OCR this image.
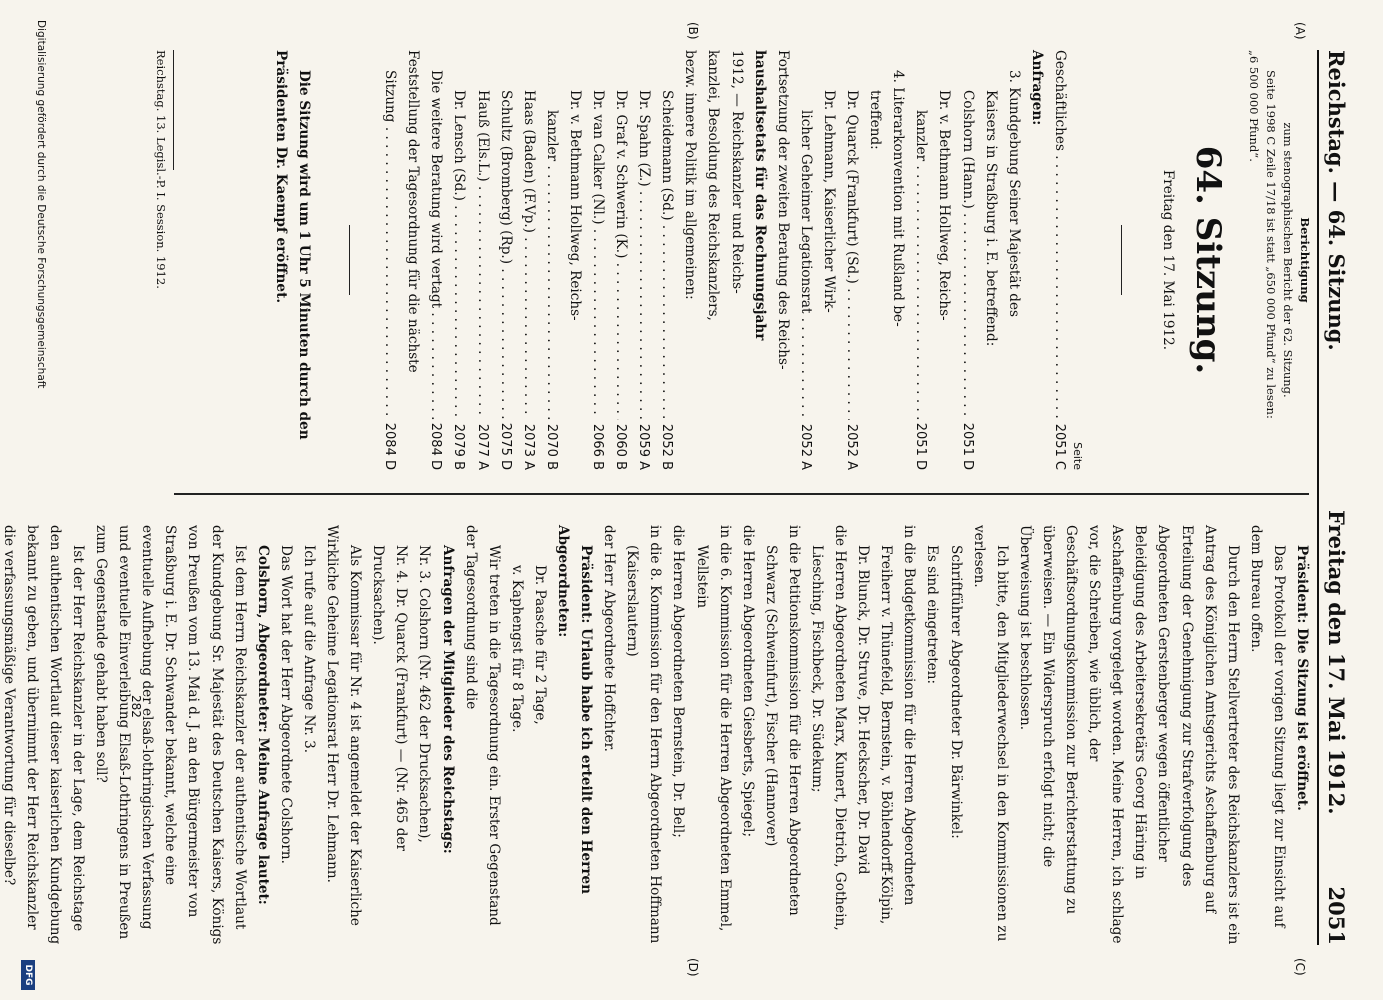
Reichstag. — 64. Sitzung.
Freitag den 17. Mai 1912.
2051
(A)
(B)
(C)
(D)

Berichtigung

zum stenographischen Bericht der 62. Sitzung.

Seite 1998 C Zeile 17/18 ist statt „650 000 Pfund“ zu lesen:

„6 500 000 Pfund“.

64. Sitzung.

Freitag den 17. Mai 1912.

Seite

Geschäftliches . . .
2051 C

Anfragen:

3. Kundgebung Seiner Majestät des

Kaisers in Straßburg i. E. betreffend:

Colshorn (Hann.) . . .
2051 D

Dr. v. Bethmann Hollweg, Reichs-

kanzler . . .
2051 D

4. Literarkonvention mit Rußland be-

treffend:

Dr. Quarck (Frankfurt) (Sd.) . . .
2052 A

Dr. Lehmann, Kaiserlicher Wirk-

licher Geheimer Legationsrat . . .
2052 A

Fortsetzung der zweiten Beratung des Reichs-

haushaltsetats für das Rechnungsjahr

1912, — Reichskanzler und Reichs-

kanzlei, Besoldung des Reichskanzlers,

bezw. innere Politik im allgemeinen:

Scheidemann (Sd.) . . .
2052 B
Dr. Spahn (Z.) . . .
2059 A
Dr. Graf v. Schwerin (K.) . . .
2060 B
Dr. van Calker (Nl.) . . .
2066 B

Dr. v. Bethmann Hollweg, Reichs-

kanzler . . .
2070 B
Haas (Baden) (F.Vp.) . . .
2073 A
Schultz (Bromberg) (Rp.) . . .
2075 D
Hauß (Els.L.) . . .
2077 A
Dr. Lensch (Sd.) . . .
2079 B
Die weitere Beratung wird vertagt . . .
2084 D

Feststellung der Tagesordnung für die nächste

Sitzung . . .
2084 D

Die Sitzung wird um 1 Uhr 5 Minuten durch den

Präsidenten Dr. Kaempf eröffnet.

Reichstag. 13. Legisl.-P. I. Session. 1912.

Präsident: Die Sitzung ist eröffnet.

Das Protokoll der vorigen Sitzung liegt zur Einsicht auf dem Bureau offen.

Durch den Herrn Stellvertreter des Reichskanzlers ist ein Antrag des Königlichen Amtsgerichts Aschaffenburg auf Erteilung der Genehmigung zur Strafverfolgung des Abgeordneten Gerstenberger wegen öffentlicher Beleidigung des Arbeitersekretärs Georg Häring in Aschaffenburg vorgelegt worden. Meine Herren, ich schlage vor, die Schreiben, wie üblich, der Geschäftsordnungskommission zur Berichterstattung zu überweisen. — Ein Widerspruch erfolgt nicht; die Überweisung ist beschlossen.

Ich bitte, den Mitgliederwechsel in den Kommissionen zu verlesen.

Schriftführer Abgeordneter Dr. Bärwinkel:

Es sind eingetreten:

in die Budgetkommission für die Herren Abgeordneten Freiherr v. Thünefeld, Bernstein, v. Böhlendorff-Kölpin, Dr. Blunck, Dr. Struve, Dr. Heckscher, Dr. David

die Herren Abgeordneten Marx, Kunert, Dietrich, Gothein, Liesching, Fischbeck, Dr. Südekum;

in die Petitionskommission für die Herren Abgeordneten Schwarz (Schweinfurt), Fischer (Hannover)

die Herren Abgeordneten Giesberts, Spiegel;

in die 6. Kommission für die Herren Abgeordneten Emmel, Wellstein

die Herren Abgeordneten Bernstein, Dr. Bell;

in die 8. Kommission für den Herrn Abgeordneten Hoffmann (Kaiserslautern)

der Herr Abgeordnete Hoffchter.

Präsident: Urlaub habe ich erteilt den Herren Abgeordneten:

Dr. Paasche für 2 Tage,

v. Kaphengst für 8 Tage.

Wir treten in die Tagesordnung ein. Erster Gegenstand der Tagesordnung sind die

Anfragen der Mitglieder des Reichstags:

Nr. 3. Colshorn (Nr. 462 der Drucksachen),

Nr. 4. Dr. Quarck (Frankfurt) — (Nr. 465 der Drucksachen).

Als Kommissar für Nr. 4 ist angemeldet der Kaiserliche Wirkliche Geheime Legationsrat Herr Dr. Lehmann.

Ich rufe auf die Anfrage Nr. 3.

Das Wort hat der Herr Abgeordnete Colshorn.

Colshorn, Abgeordneter: Meine Anfrage lautet:

Ist dem Herrn Reichskanzler der authentische Wortlaut der Kundgebung Sr. Majestät des Deutschen Kaisers, Königs von Preußen vom 13. Mai d. J. an den Bürgermeister von Straßburg i. E. Dr. Schwander bekannt, welche eine eventuelle Aufhebung der elsaß-lothringischen Verfassung und eventuelle Einverleibung Elsaß-Lothringens in Preußen zum Gegenstande gehabt haben soll?

Ist der Herr Reichskanzler in der Lage, dem Reichstage den authentischen Wortlaut dieser kaiserlichen Kundgebung bekannt zu geben, und übernimmt der Herr Reichskanzler die verfassungsmäßige Verantwortung für dieselbe?	282
Digitalisierung gefördert durch die Deutsche Forschungsgemeinschaft
DFG
